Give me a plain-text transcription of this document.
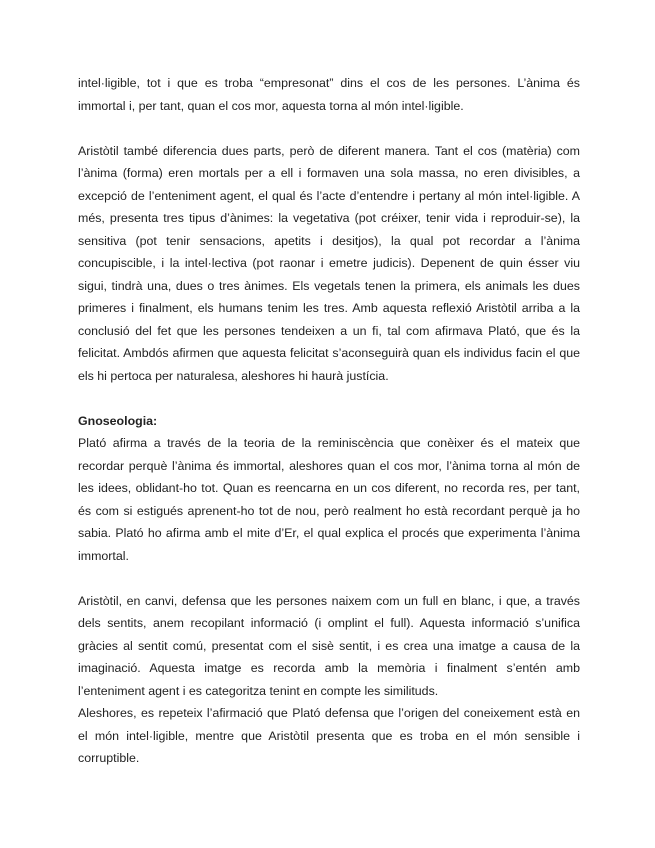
intel·ligible, tot i que es troba “empresonat” dins el cos de les persones. L’ànima és immortal i, per tant, quan el cos mor, aquesta torna al món intel·ligible.

Aristòtil també diferencia dues parts, però de diferent manera. Tant el cos (matèria) com l’ànima (forma) eren mortals per a ell i formaven una sola massa, no eren divisibles, a excepció de l’enteniment agent, el qual és l’acte d’entendre i pertany al món intel·ligible. A més, presenta tres tipus d’ànimes: la vegetativa (pot créixer, tenir vida i reproduir-se), la sensitiva (pot tenir sensacions, apetits i desitjos), la qual pot recordar a l’ànima concupiscible, i la intel·lectiva (pot raonar i emetre judicis). Depenent de quin ésser viu sigui, tindrà una, dues o tres ànimes. Els vegetals tenen la primera, els animals les dues primeres i finalment, els humans tenim les tres. Amb aquesta reflexió Aristòtil arriba a la conclusió del fet que les persones tendeixen a un fi, tal com afirmava Plató, que és la felicitat. Ambdós afirmen que aquesta felicitat s’aconseguirà quan els individus facin el que els hi pertoca per naturalesa, aleshores hi haurà justícia.

Gnoseologia:

Plató afirma a través de la teoria de la reminiscència que conèixer és el mateix que recordar perquè l’ànima és immortal, aleshores quan el cos mor, l’ànima torna al món de les idees, oblidant-ho tot. Quan es reencarna en un cos diferent, no recorda res, per tant, és com si estigués aprenent-ho tot de nou, però realment ho està recordant perquè ja ho sabia. Plató ho afirma amb el mite d’Er, el qual explica el procés que experimenta l’ànima immortal.

Aristòtil, en canvi, defensa que les persones naixem com un full en blanc, i que, a través dels sentits, anem recopilant informació (i omplint el full). Aquesta informació s’unifica gràcies al sentit comú, presentat com el sisè sentit, i es crea una imatge a causa de la imaginació. Aquesta imatge es recorda amb la memòria i finalment s’entén amb l’enteniment agent i es categoritza tenint en compte les similituds.

Aleshores, es repeteix l’afirmació que Plató defensa que l’origen del coneixement està en el món intel·ligible, mentre que Aristòtil presenta que es troba en el món sensible i corruptible.
